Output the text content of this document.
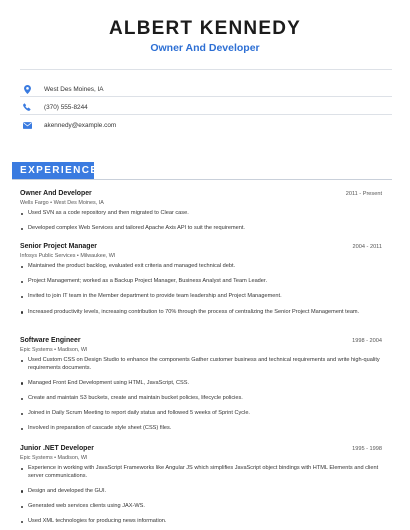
ALBERT KENNEDY
Owner And Developer
West Des Moines, IA
(370) 555-8244
akennedy@example.com
EXPERIENCE
Owner And Developer	2011 - Present
Wells Fargo • West Des Moines, IA
Used SVN as a code repository and then migrated to Clear case.
Developed complex Web Services and tailored Apache Axis API to suit the requirement.
Senior Project Manager	2004 - 2011
Infosys Public Services • Milwaukee, WI
Maintained the product backlog, evaluated exit criteria and managed technical debt.
Project Management; worked as a Backup Project Manager, Business Analyst and Team Leader.
Invited to join IT team in the Member department to provide team leadership and Project Management.
Increased productivity levels, increasing contribution to 70% through the process of centralizing the Senior Project Management team.
Software Engineer	1998 - 2004
Epic Systems • Madison, WI
Used Custom CSS on Design Studio to enhance the components Gather customer business and technical requirements and write high-quality requirements documents.
Managed Front End Development using HTML, JavaScript, CSS.
Create and maintain S3 buckets, create and maintain bucket policies, lifecycle policies.
Joined in Daily Scrum Meeting to report daily status and followed 5 weeks of Sprint Cycle.
Involved in preparation of cascade style sheet (CSS) files.
Junior .NET Developer	1995 - 1998
Epic Systems • Madison, WI
Experience in working with JavaScript Frameworks like Angular JS which simplifies JavaScript object bindings with HTML Elements and client server communications.
Design and developed the GUI.
Generated web services clients using JAX-WS.
Used XML technologies for producing news information.
